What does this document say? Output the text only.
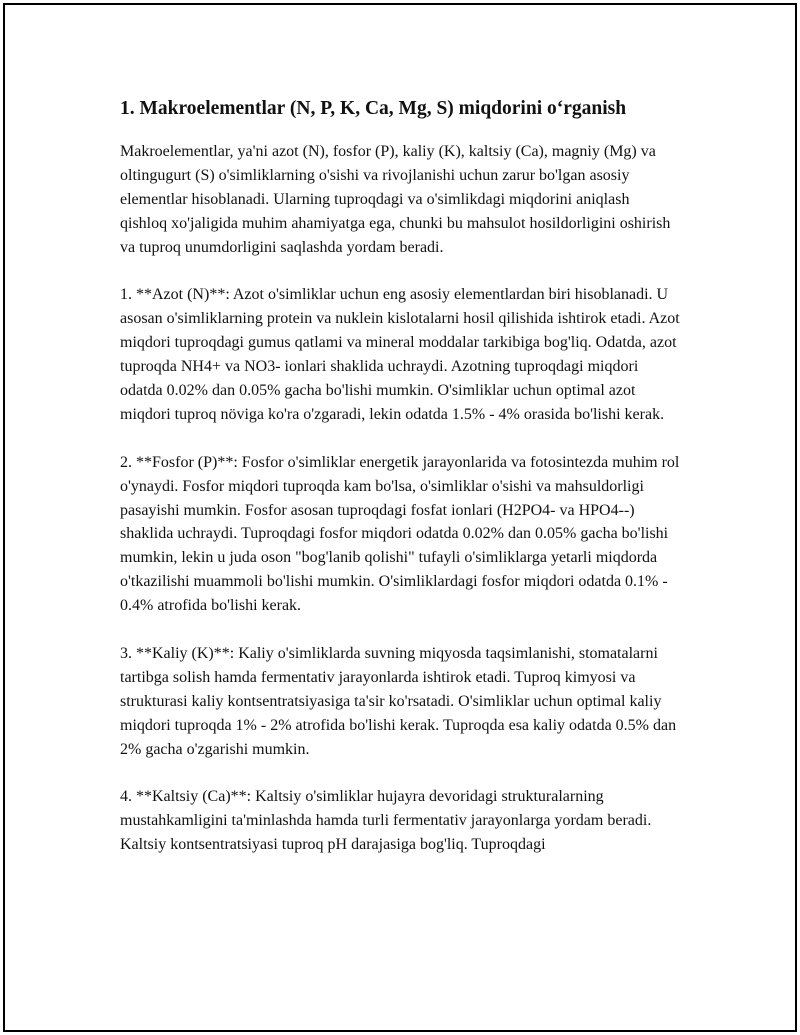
1. Makroelementlar (N, P, K, Ca, Mg, S) miqdorini oʻrganish

Makroelementlar, ya'ni azot (N), fosfor (P), kaliy (K), kaltsiy (Ca), magniy (Mg) va oltingugurt (S) o'simliklarning o'sishi va rivojlanishi uchun zarur bo'lgan asosiy elementlar hisoblanadi. Ularning tuproqdagi va o'simlikdagi miqdorini aniqlash qishloq xo'jaligida muhim ahamiyatga ega, chunki bu mahsulot hosildorligini oshirish va tuproq unumdorligini saqlashda yordam beradi.

1. **Azot (N)**: Azot o'simliklar uchun eng asosiy elementlardan biri hisoblanadi. U asosan o'simliklarning protein va nuklein kislotalarni hosil qilishida ishtirok etadi. Azot miqdori tuproqdagi gumus qatlami va mineral moddalar tarkibiga bog'liq. Odatda, azot tuproqda NH4+ va NO3- ionlari shaklida uchraydi. Azotning tuproqdagi miqdori odatda 0.02% dan 0.05% gacha bo'lishi mumkin. O'simliklar uchun optimal azot miqdori tuproq növiga ko'ra o'zgaradi, lekin odatda 1.5% - 4% orasida bo'lishi kerak.

2. **Fosfor (P)**: Fosfor o'simliklar energetik jarayonlarida va fotosintezda muhim rol o'ynaydi. Fosfor miqdori tuproqda kam bo'lsa, o'simliklar o'sishi va mahsuldorligi pasayishi mumkin. Fosfor asosan tuproqdagi fosfat ionlari (H2PO4- va HPO4--) shaklida uchraydi. Tuproqdagi fosfor miqdori odatda 0.02% dan 0.05% gacha bo'lishi mumkin, lekin u juda oson "bog'lanib qolishi" tufayli o'simliklarga yetarli miqdorda o'tkazilishi muammoli bo'lishi mumkin. O'simliklardagi fosfor miqdori odatda 0.1% - 0.4% atrofida bo'lishi kerak.

3. **Kaliy (K)**: Kaliy o'simliklarda suvning miqyosda taqsimlanishi, stomatalarni tartibga solish hamda fermentativ jarayonlarda ishtirok etadi. Tuproq kimyosi va strukturasi kaliy kontsentratsiyasiga ta'sir ko'rsatadi. O'simliklar uchun optimal kaliy miqdori tuproqda 1% - 2% atrofida bo'lishi kerak. Tuproqda esa kaliy odatda 0.5% dan 2% gacha o'zgarishi mumkin.

4. **Kaltsiy (Ca)**: Kaltsiy o'simliklar hujayra devoridagi strukturalarning mustahkamligini ta'minlashda hamda turli fermentativ jarayonlarga yordam beradi. Kaltsiy kontsentratsiyasi tuproq pH darajasiga bog'liq. Tuproqdagi
